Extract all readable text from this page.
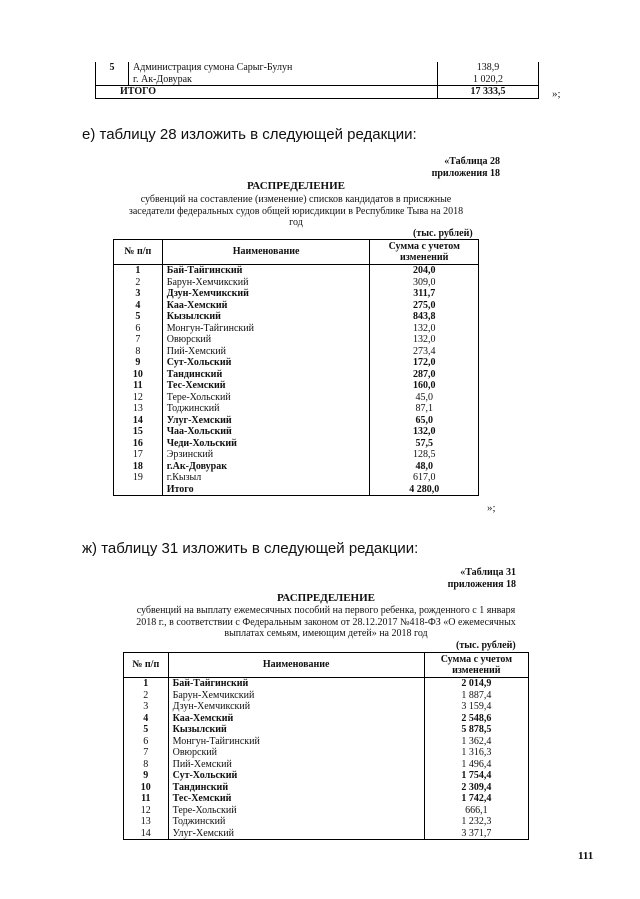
5	Администрация сумона Сарыг-Булун	138,9
	г. Ак-Довурак	1 020,2
ИТОГО		17 333,5	»;
е) таблицу 28 изложить в следующей редакции:
«Таблица 28
приложения 18
РАСПРЕДЕЛЕНИЕ
субвенций на составление (изменение) списков кандидатов в присяжные заседатели федеральных судов общей юрисдикции в Республике Тыва на 2018 год
(тыс. рублей)
№ п/п	Наименование	Сумма с учетом изменений
1	Бай-Тайгинский	204,0
2	Барун-Хемчикский	309,0
3	Дзун-Хемчикский	311,7
4	Каа-Хемский	275,0
5	Кызылский	843,8
6	Монгун-Тайгинский	132,0
7	Овюрский	132,0
8	Пий-Хемский	273,4
9	Сут-Хольский	172,0
10	Тандинский	287,0
11	Тес-Хемский	160,0
12	Тере-Хольский	45,0
13	Тоджинский	87,1
14	Улуг-Хемский	65,0
15	Чаа-Хольский	132,0
16	Чеди-Хольский	57,5
17	Эрзинский	128,5
18	г.Ак-Довурак	48,0
19	г.Кызыл	617,0
	Итого	4 280,0
»;
ж) таблицу 31 изложить в следующей редакции:
«Таблица 31
приложения 18
РАСПРЕДЕЛЕНИЕ
субвенций на выплату ежемесячных пособий на первого ребенка, рожденного с 1 января 2018 г., в соответствии с Федеральным законом от 28.12.2017 №418-ФЗ «О ежемесячных выплатах семьям, имеющим детей» на 2018 год
(тыс. рублей)
№ п/п	Наименование	Сумма с учетом изменений
1	Бай-Тайгинский	2 014,9
2	Барун-Хемчикский	1 887,4
3	Дзун-Хемчикский	3 159,4
4	Каа-Хемский	2 548,6
5	Кызылский	5 878,5
6	Монгун-Тайгинский	1 362,4
7	Овюрский	1 316,3
8	Пий-Хемский	1 496,4
9	Сут-Хольский	1 754,4
10	Тандинский	2 309,4
11	Тес-Хемский	1 742,4
12	Тере-Хольский	666,1
13	Тоджинский	1 232,3
14	Улуг-Хемский	3 371,7
111
